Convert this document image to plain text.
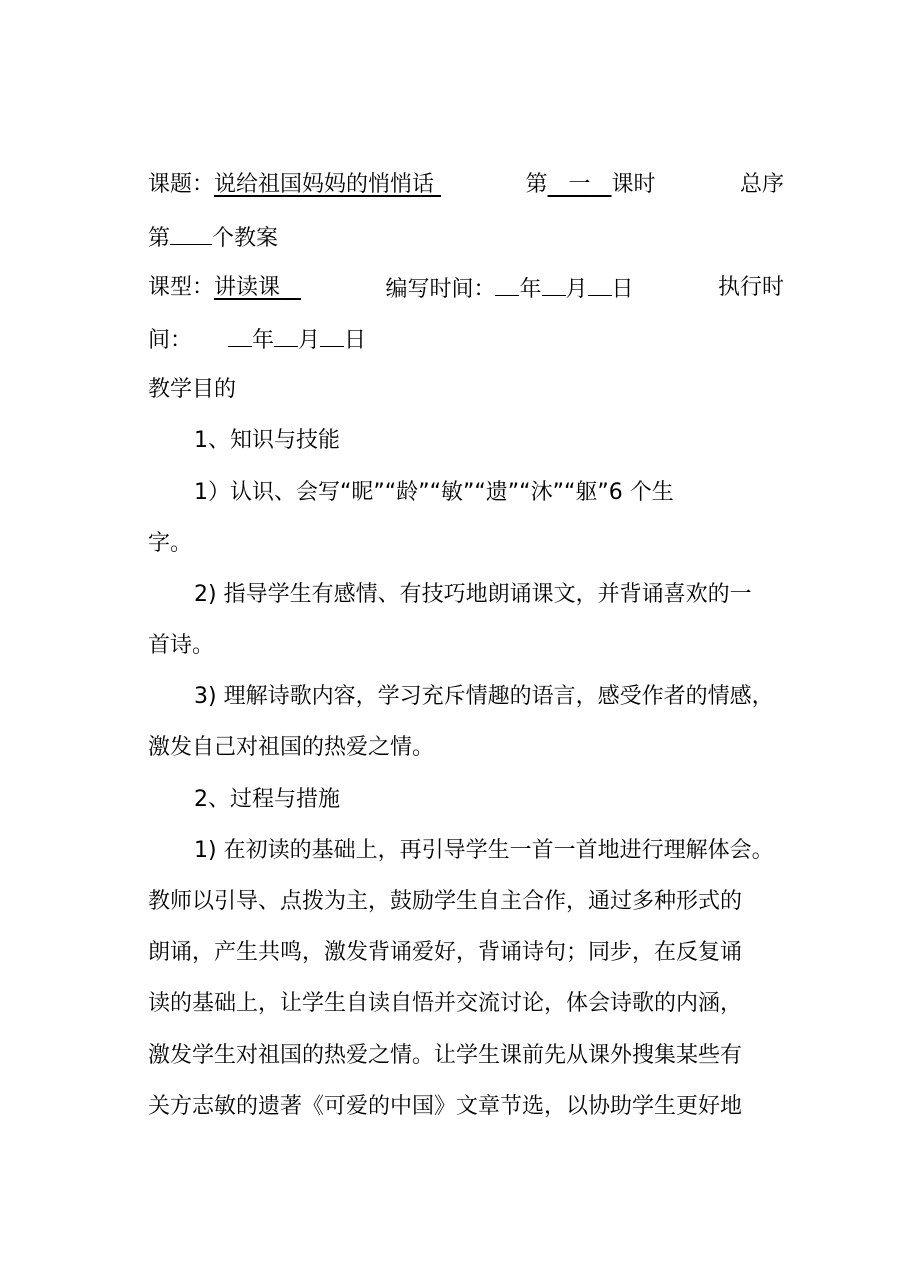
课题：说给祖国妈妈的悄悄话	第 一 课时	总序
第 个教案
课型：讲读课	编写时间： 年 月 日	执行时
间：	年 月 日
教学目的
1、知识与技能
1）认识、会写“昵”“龄”“敏”“遗”“沐”“躯”6 个生
字。
2) 指导学生有感情、有技巧地朗诵课文，并背诵喜欢的一
首诗。
3) 理解诗歌内容，学习充斥情趣的语言，感受作者的情感，
激发自己对祖国的热爱之情。
2、过程与措施
1) 在初读的基础上，再引导学生一首一首地进行理解体会。
教师以引导、点拨为主，鼓励学生自主合作，通过多种形式的
朗诵，产生共鸣，激发背诵爱好，背诵诗句；同步，在反复诵
读的基础上，让学生自读自悟并交流讨论，体会诗歌的内涵，
激发学生对祖国的热爱之情。让学生课前先从课外搜集某些有
关方志敏的遗著《可爱的中国》文章节选，以协助学生更好地
